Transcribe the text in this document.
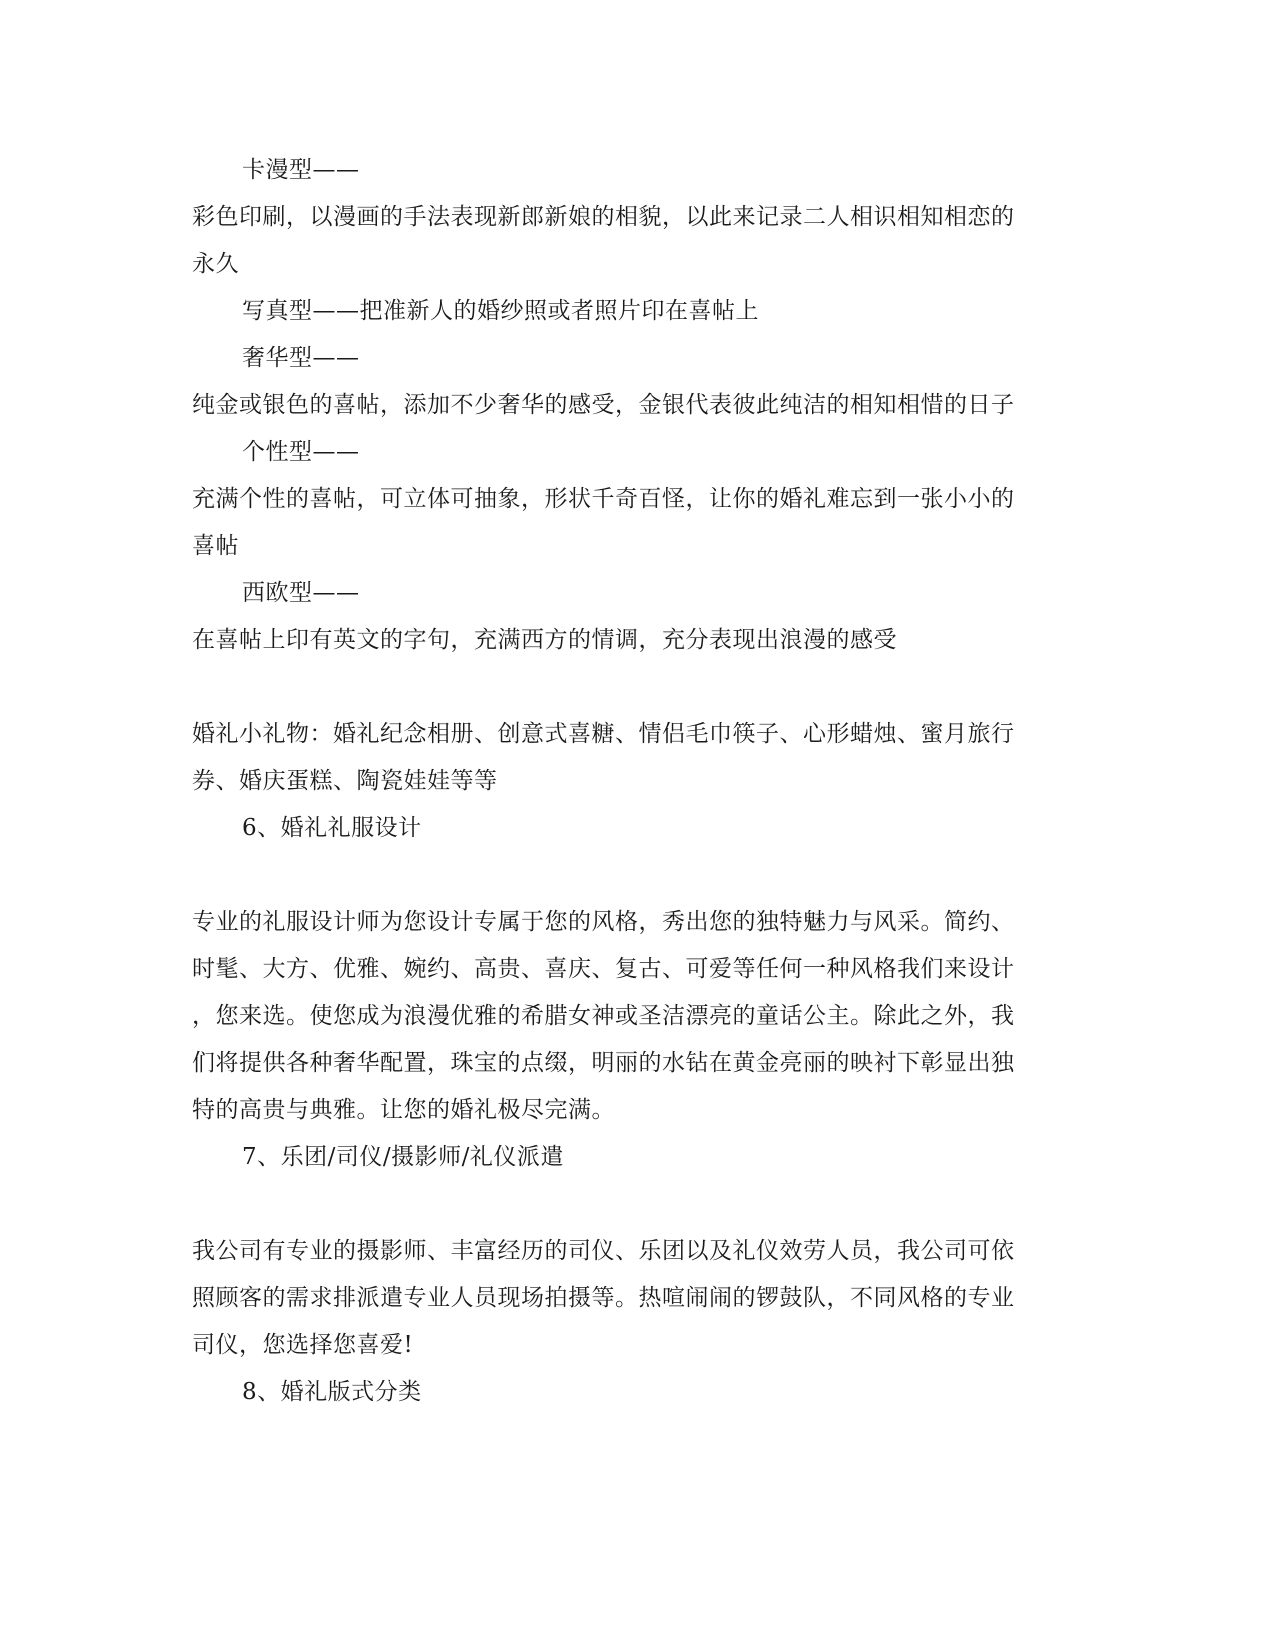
卡漫型——
彩色印刷，以漫画的手法表现新郎新娘的相貌，以此来记录二人相识相知相恋的
永久
写真型——把准新人的婚纱照或者照片印在喜帖上
奢华型——
纯金或银色的喜帖，添加不少奢华的感受，金银代表彼此纯洁的相知相惜的日子
个性型——
充满个性的喜帖，可立体可抽象，形状千奇百怪，让你的婚礼难忘到一张小小的
喜帖
西欧型——
在喜帖上印有英文的字句，充满西方的情调，充分表现出浪漫的感受
婚礼小礼物：婚礼纪念相册、创意式喜糖、情侣毛巾筷子、心形蜡烛、蜜月旅行
券、婚庆蛋糕、陶瓷娃娃等等
6、婚礼礼服设计
专业的礼服设计师为您设计专属于您的风格，秀出您的独特魅力与风采。简约、
时髦、大方、优雅、婉约、高贵、喜庆、复古、可爱等任何一种风格我们来设计
，您来选。使您成为浪漫优雅的希腊女神或圣洁漂亮的童话公主。除此之外，我
们将提供各种奢华配置，珠宝的点缀，明丽的水钻在黄金亮丽的映衬下彰显出独
特的高贵与典雅。让您的婚礼极尽完满。
7、乐团/司仪/摄影师/礼仪派遣
我公司有专业的摄影师、丰富经历的司仪、乐团以及礼仪效劳人员，我公司可依
照顾客的需求排派遣专业人员现场拍摄等。热喧闹闹的锣鼓队，不同风格的专业
司仪，您选择您喜爱!
8、婚礼版式分类
